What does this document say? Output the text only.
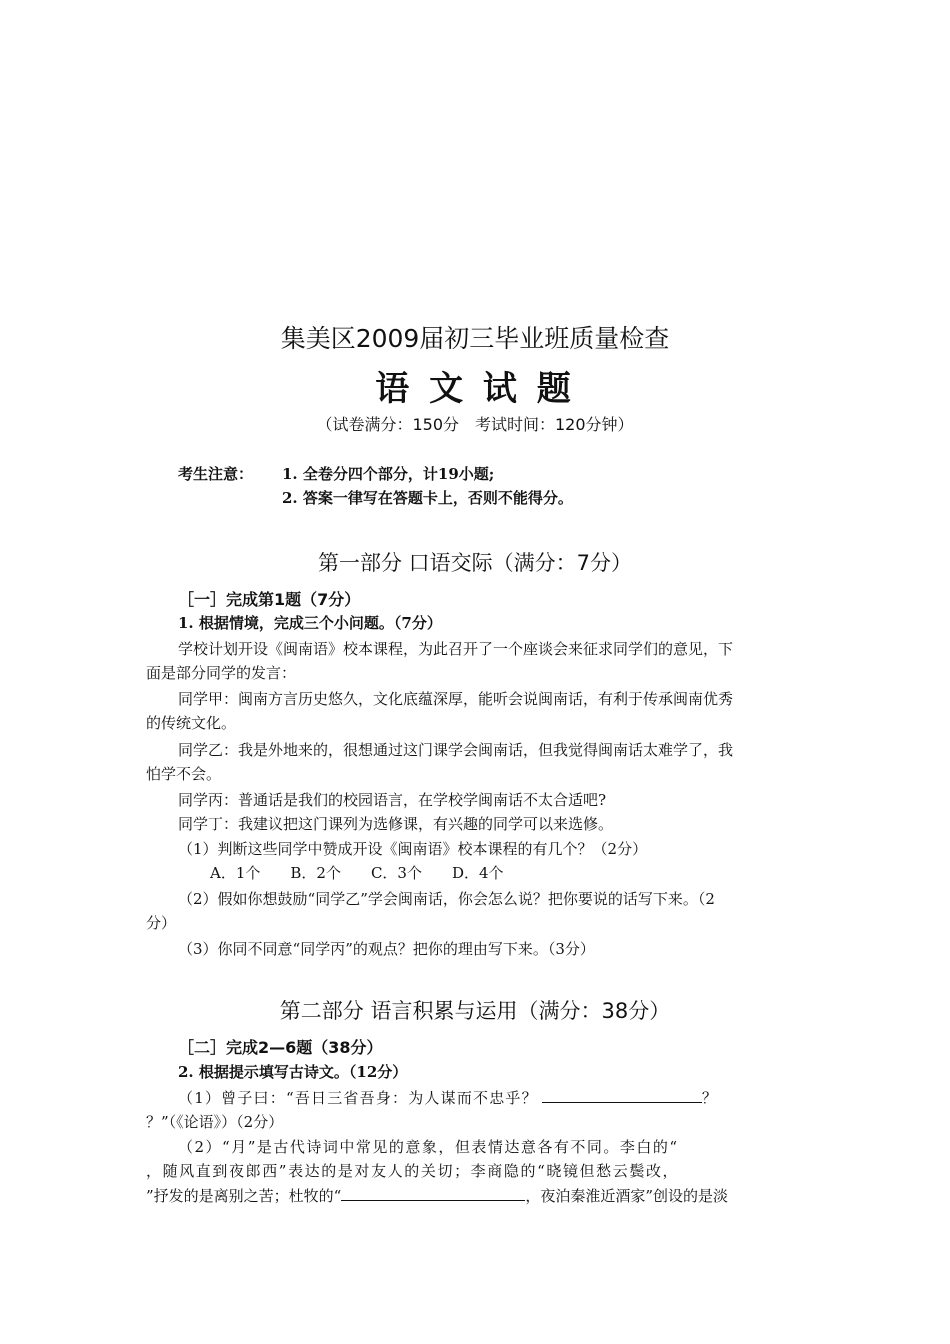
集美区2009届初三毕业班质量检查
语 文 试 题
（试卷满分：150分　考试时间：120分钟）
考生注意： 1. 全卷分四个部分，计19小题;
2. 答案一律写在答题卡上，否则不能得分。
第一部分 口语交际（满分：7分）
［一］完成第1题（7分）
1. 根据情境，完成三个小问题。（7分）
学校计划开设《闽南语》校本课程，为此召开了一个座谈会来征求同学们的意见，下
面是部分同学的发言：
同学甲：闽南方言历史悠久，文化底蕴深厚，能听会说闽南话，有利于传承闽南优秀
的传统文化。
同学乙：我是外地来的，很想通过这门课学会闽南话，但我觉得闽南话太难学了，我
怕学不会。
同学丙：普通话是我们的校园语言，在学校学闽南话不太合适吧?
同学丁：我建议把这门课列为选修课，有兴趣的同学可以来选修。
（1）判断这些同学中赞成开设《闽南语》校本课程的有几个？（2分）
A．1个　　B．2个　　C．3个　　D．4个
（2）假如你想鼓励“同学乙”学会闽南话，你会怎么说？把你要说的话写下来。（2
分）
（3）你同不同意“同学丙”的观点？把你的理由写下来。（3分）
第二部分 语言积累与运用（满分：38分）
［二］完成2—6题（38分）
2. 根据提示填写古诗文。（12分）
（1）曾子曰：“吾日三省吾身：为人谋而不忠乎？	？
？”（《论语》）（2分）
（2）“月”是古代诗词中常见的意象，但表情达意各有不同。李白的“
，随风直到夜郎西”表达的是对友人的关切；李商隐的“晓镜但愁云鬓改，
”抒发的是离别之苦；杜牧的“	，夜泊秦淮近酒家”创设的是淡
